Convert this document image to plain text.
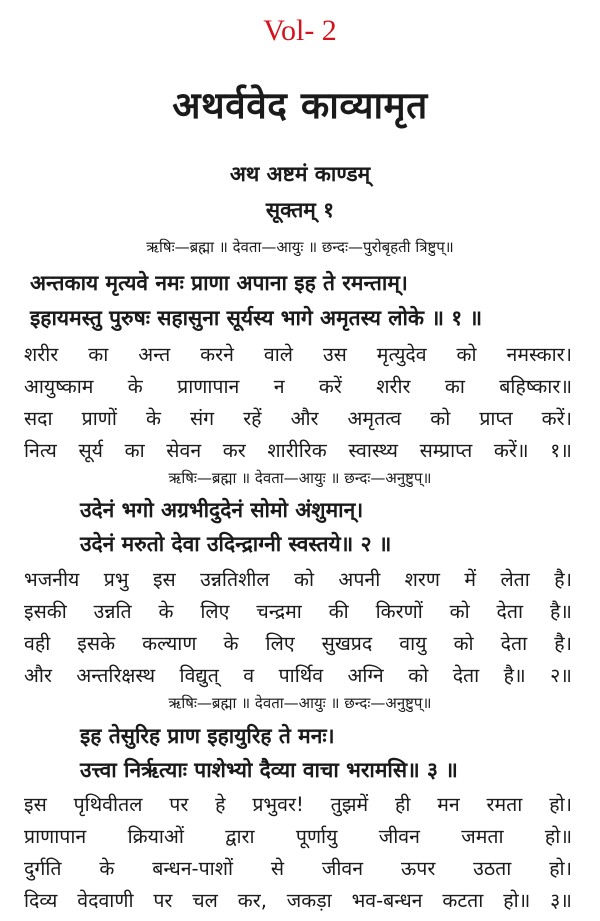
Vol- 2
अथर्ववेद काव्यामृत
अथ अष्टमं काण्डम्
सूक्तम् १
ऋषिः—ब्रह्मा ॥ देवता—आयुः ॥ छन्दः—पुरोबृहती त्रिष्टुप्॥
अन्तकाय मृत्यवे नमः प्राणा अपाना इह ते रमन्ताम्।
इहायमस्तु पुरुषः सहासुना सूर्यस्य भागे अमृतस्य लोके ॥ १ ॥
शरीर का अन्त करने वाले उस मृत्युदेव को नमस्कार।
आयुष्काम के प्राणापान न करें शरीर का बहिष्कार॥
सदा प्राणों के संग रहें और अमृतत्व को प्राप्त करें।
नित्य सूर्य का सेवन कर शारीरिक स्वास्थ्य सम्प्राप्त करें॥ १॥
ऋषिः—ब्रह्मा ॥ देवता—आयुः ॥ छन्दः—अनुष्टुप्॥
उदेनं भगो अग्रभीदुदेनं सोमो अंशुमान्।
उदेनं मरुतो देवा उदिन्द्राग्नी स्वस्तये॥ २ ॥
भजनीय प्रभु इस उन्नतिशील को अपनी शरण में लेता है।
इसकी उन्नति के लिए चन्द्रमा की किरणों को देता है॥
वही इसके कल्याण के लिए सुखप्रद वायु को देता है।
और अन्तरिक्षस्थ विद्युत् व पार्थिव अग्नि को देता है॥ २॥
ऋषिः—ब्रह्मा ॥ देवता—आयुः ॥ छन्दः—अनुष्टुप्॥
इह तेसुरिह प्राण इहायुरिह ते मनः।
उत्त्वा निर्ऋत्याः पाशेभ्यो दैव्या वाचा भरामसि॥ ३ ॥
इस पृथिवीतल पर हे प्रभुवर! तुझमें ही मन रमता हो।
प्राणापान क्रियाओं द्वारा पूर्णायु जीवन जमता हो॥
दुर्गति के बन्धन-पाशों से जीवन ऊपर उठता हो।
दिव्य वेदवाणी पर चल कर, जकड़ा भव-बन्धन कटता हो॥ ३॥
